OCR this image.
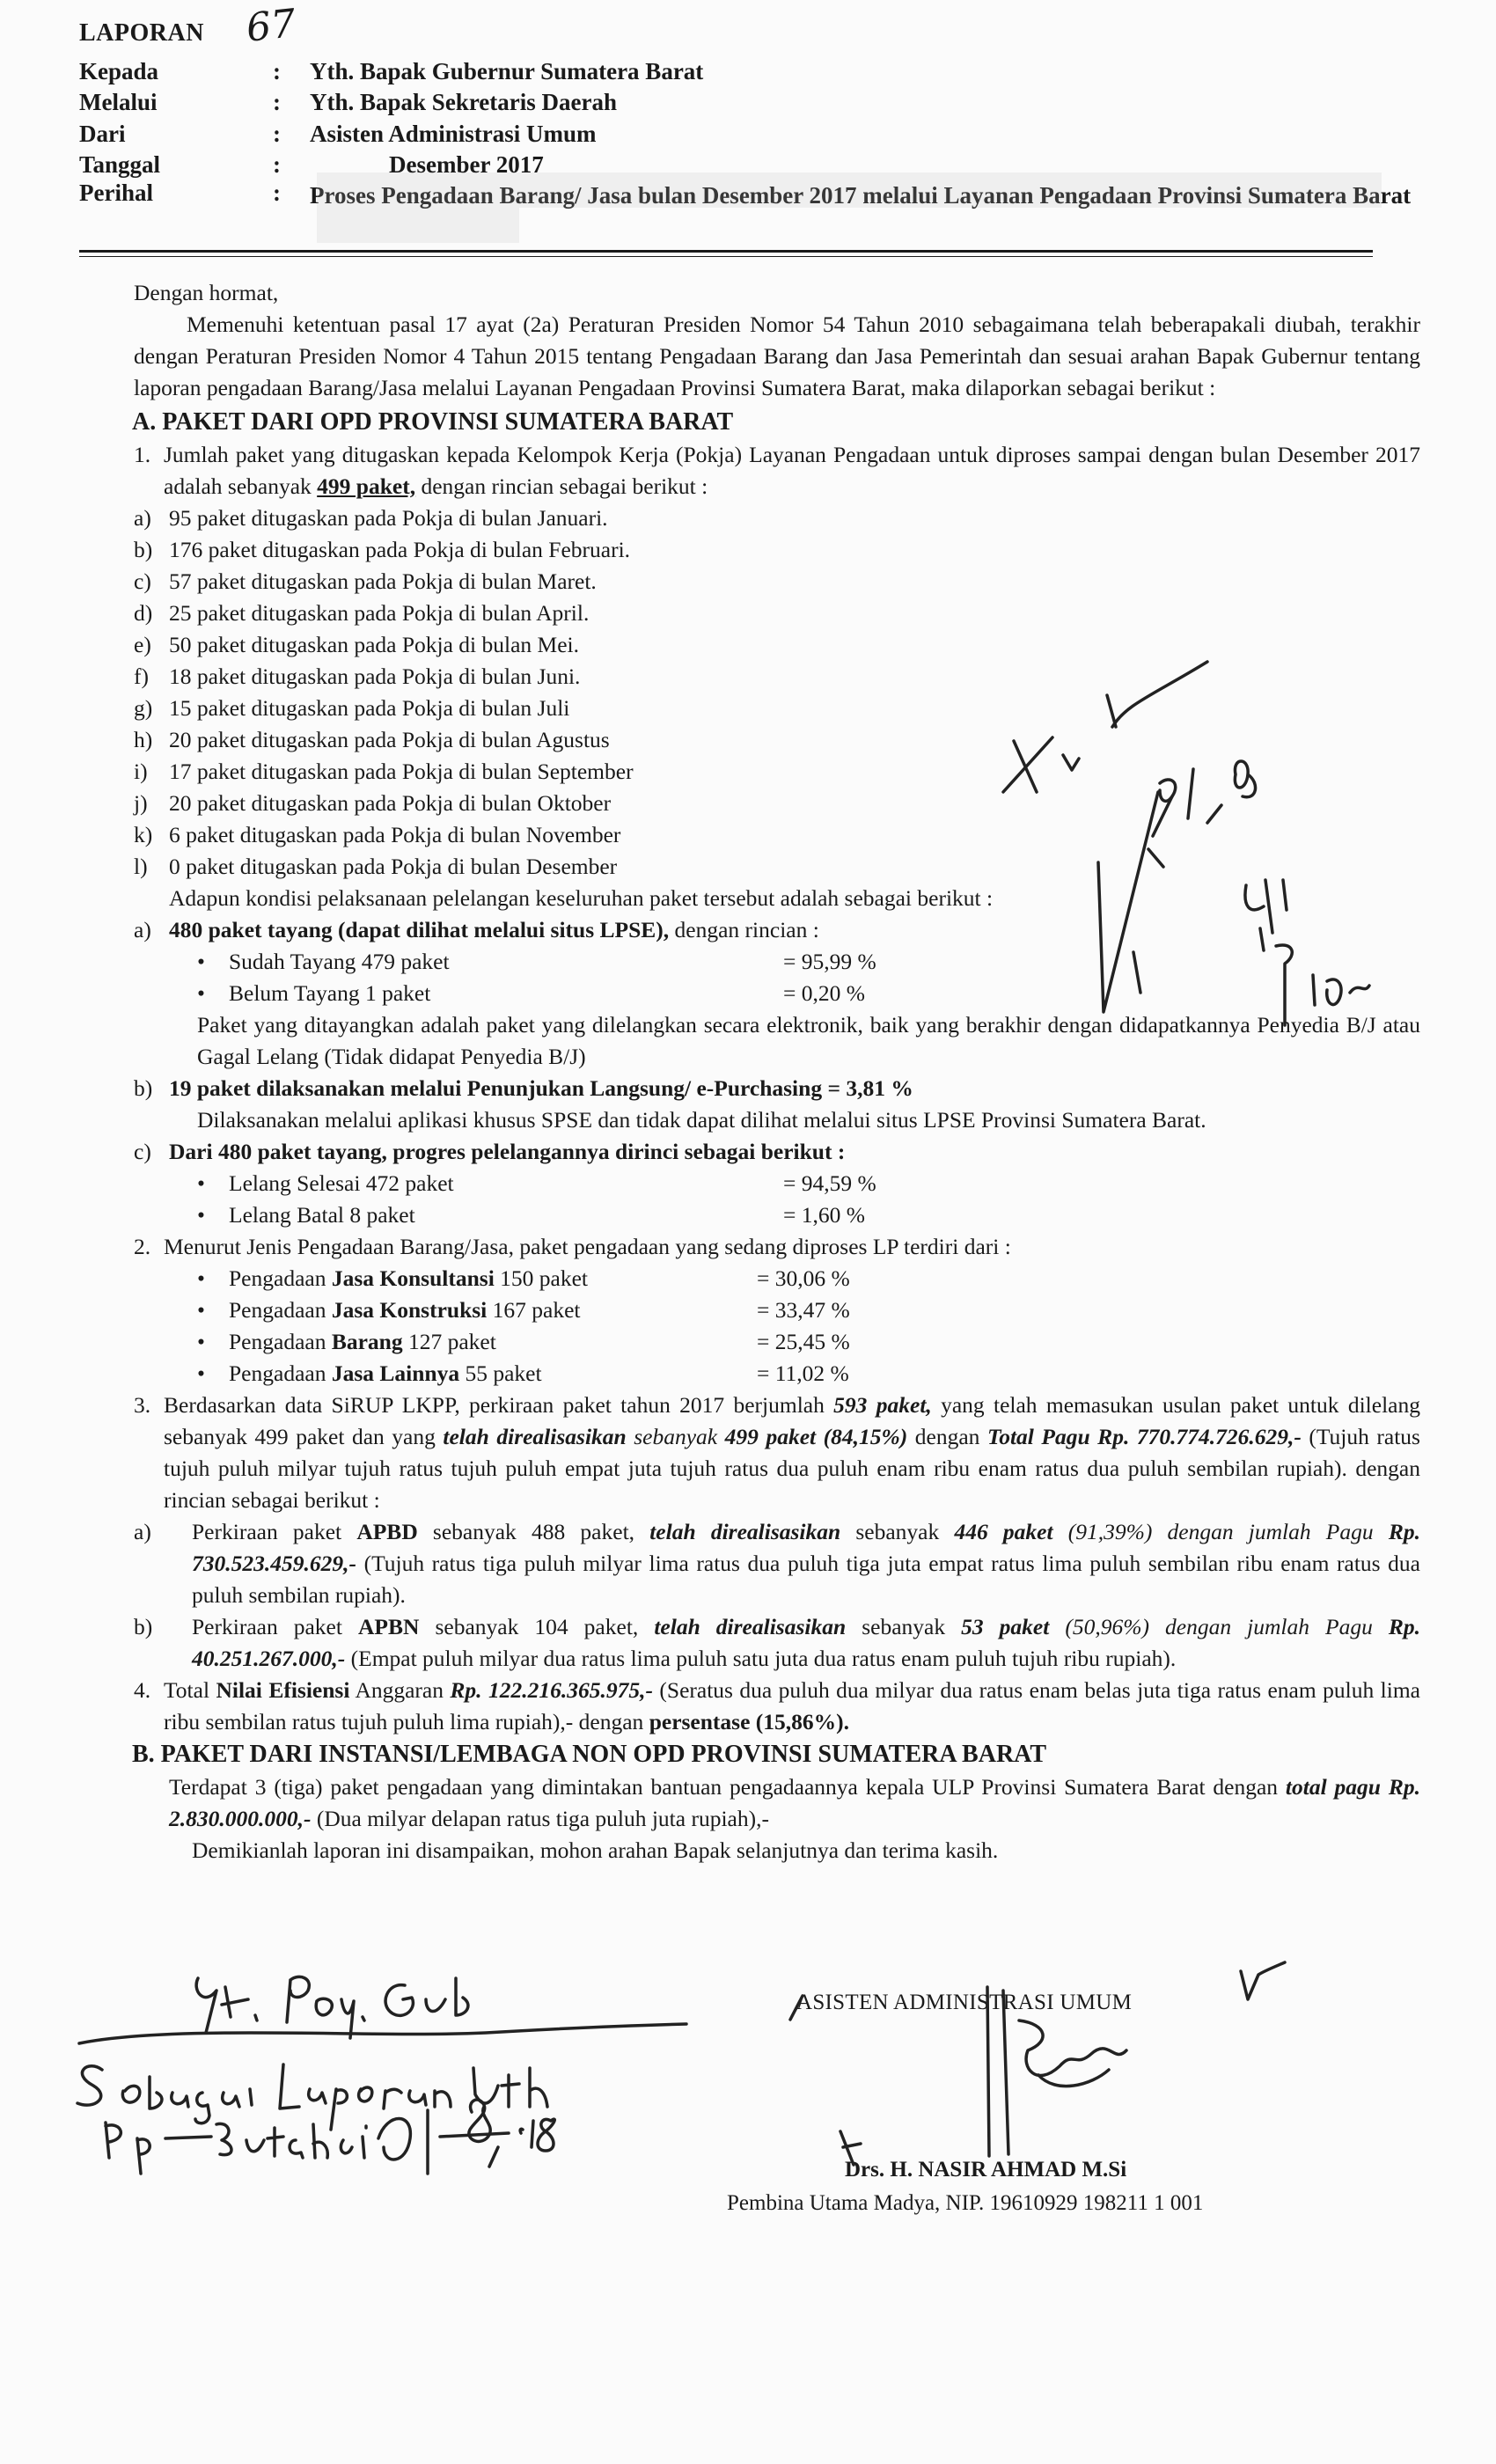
LAPORAN 67
Kepada	:	Yth. Bapak Gubernur Sumatera Barat
Melalui	:	Yth. Bapak Sekretaris Daerah
Dari	:	Asisten Administrasi Umum
Tanggal	:	Desember 2017
Perihal	:	Proses Pengadaan Barang/ Jasa bulan Desember 2017 melalui Layanan Pengadaan Provinsi Sumatera Barat

Dengan hormat,

Memenuhi ketentuan pasal 17 ayat (2a) Peraturan Presiden Nomor 54 Tahun 2010 sebagaimana telah beberapakali diubah, terakhir dengan Peraturan Presiden Nomor 4 Tahun 2015 tentang Pengadaan Barang dan Jasa Pemerintah dan sesuai arahan Bapak Gubernur tentang laporan pengadaan Barang/Jasa melalui Layanan Pengadaan Provinsi Sumatera Barat, maka dilaporkan sebagai berikut :

A. PAKET DARI OPD PROVINSI SUMATERA BARAT

1. Jumlah paket yang ditugaskan kepada Kelompok Kerja (Pokja) Layanan Pengadaan untuk diproses sampai dengan bulan Desember 2017 adalah sebanyak 499 paket, dengan rincian sebagai berikut :
a) 95 paket ditugaskan pada Pokja di bulan Januari.
b) 176 paket ditugaskan pada Pokja di bulan Februari.
c) 57 paket ditugaskan pada Pokja di bulan Maret.
d) 25 paket ditugaskan pada Pokja di bulan April.
e) 50 paket ditugaskan pada Pokja di bulan Mei.
f) 18 paket ditugaskan pada Pokja di bulan Juni.
g) 15 paket ditugaskan pada Pokja di bulan Juli
h) 20 paket ditugaskan pada Pokja di bulan Agustus
i) 17 paket ditugaskan pada Pokja di bulan September
j) 20 paket ditugaskan pada Pokja di bulan Oktober
k) 6 paket ditugaskan pada Pokja di bulan November
l) 0 paket ditugaskan pada Pokja di bulan Desember

Adapun kondisi pelaksanaan pelelangan keseluruhan paket tersebut adalah sebagai berikut :

a) 480 paket tayang (dapat dilihat melalui situs LPSE), dengan rincian :
•	Sudah Tayang 479 paket	= 95,99 %
•	Belum Tayang 1 paket	= 0,20 %

Paket yang ditayangkan adalah paket yang dilelangkan secara elektronik, baik yang berakhir dengan didapatkannya Penyedia B/J atau Gagal Lelang (Tidak didapat Penyedia B/J)

b) 19 paket dilaksanakan melalui Penunjukan Langsung/ e-Purchasing = 3,81 %

Dilaksanakan melalui aplikasi khusus SPSE dan tidak dapat dilihat melalui situs LPSE Provinsi Sumatera Barat.

c) Dari 480 paket tayang, progres pelelangannya dirinci sebagai berikut :
•	Lelang Selesai 472 paket	= 94,59 %
•	Lelang Batal 8 paket	= 1,60 %
2. Menurut Jenis Pengadaan Barang/Jasa, paket pengadaan yang sedang diproses LP terdiri dari :
•	Pengadaan Jasa Konsultansi 150 paket	= 30,06 %
•	Pengadaan Jasa Konstruksi 167 paket	= 33,47 %
•	Pengadaan Barang 127 paket	= 25,45 %
•	Pengadaan Jasa Lainnya 55 paket	= 11,02 %
3. Berdasarkan data SiRUP LKPP, perkiraan paket tahun 2017 berjumlah 593 paket, yang telah memasukan usulan paket untuk dilelang sebanyak 499 paket dan yang telah direalisasikan sebanyak 499 paket (84,15%) dengan Total Pagu Rp. 770.774.726.629,- (Tujuh ratus tujuh puluh milyar tujuh ratus tujuh puluh empat juta tujuh ratus dua puluh enam ribu enam ratus dua puluh sembilan rupiah). dengan rincian sebagai berikut :
a)	Perkiraan paket APBD sebanyak 488 paket, telah direalisasikan sebanyak 446 paket (91,39%) dengan jumlah Pagu Rp. 730.523.459.629,- (Tujuh ratus tiga puluh milyar lima ratus dua puluh tiga juta empat ratus lima puluh sembilan ribu enam ratus dua puluh sembilan rupiah).
b)	Perkiraan paket APBN sebanyak 104 paket, telah direalisasikan sebanyak 53 paket (50,96%) dengan jumlah Pagu Rp. 40.251.267.000,- (Empat puluh milyar dua ratus lima puluh satu juta dua ratus enam puluh tujuh ribu rupiah).
4. Total Nilai Efisiensi Anggaran Rp. 122.216.365.975,- (Seratus dua puluh dua milyar dua ratus enam belas juta tiga ratus enam puluh lima ribu sembilan ratus tujuh puluh lima rupiah),- dengan persentase (15,86%).

B. PAKET DARI INSTANSI/LEMBAGA NON OPD PROVINSI SUMATERA BARAT

Terdapat 3 (tiga) paket pengadaan yang dimintakan bantuan pengadaannya kepala ULP Provinsi Sumatera Barat dengan total pagu Rp. 2.830.000.000,- (Dua milyar delapan ratus tiga puluh juta rupiah),-

Demikianlah laporan ini disampaikan, mohon arahan Bapak selanjutnya dan terima kasih.

ASISTEN ADMINISTRASI UMUM
Drs. H. NASIR AHMAD M.Si
Pembina Utama Madya, NIP. 19610929 198211 1 001
